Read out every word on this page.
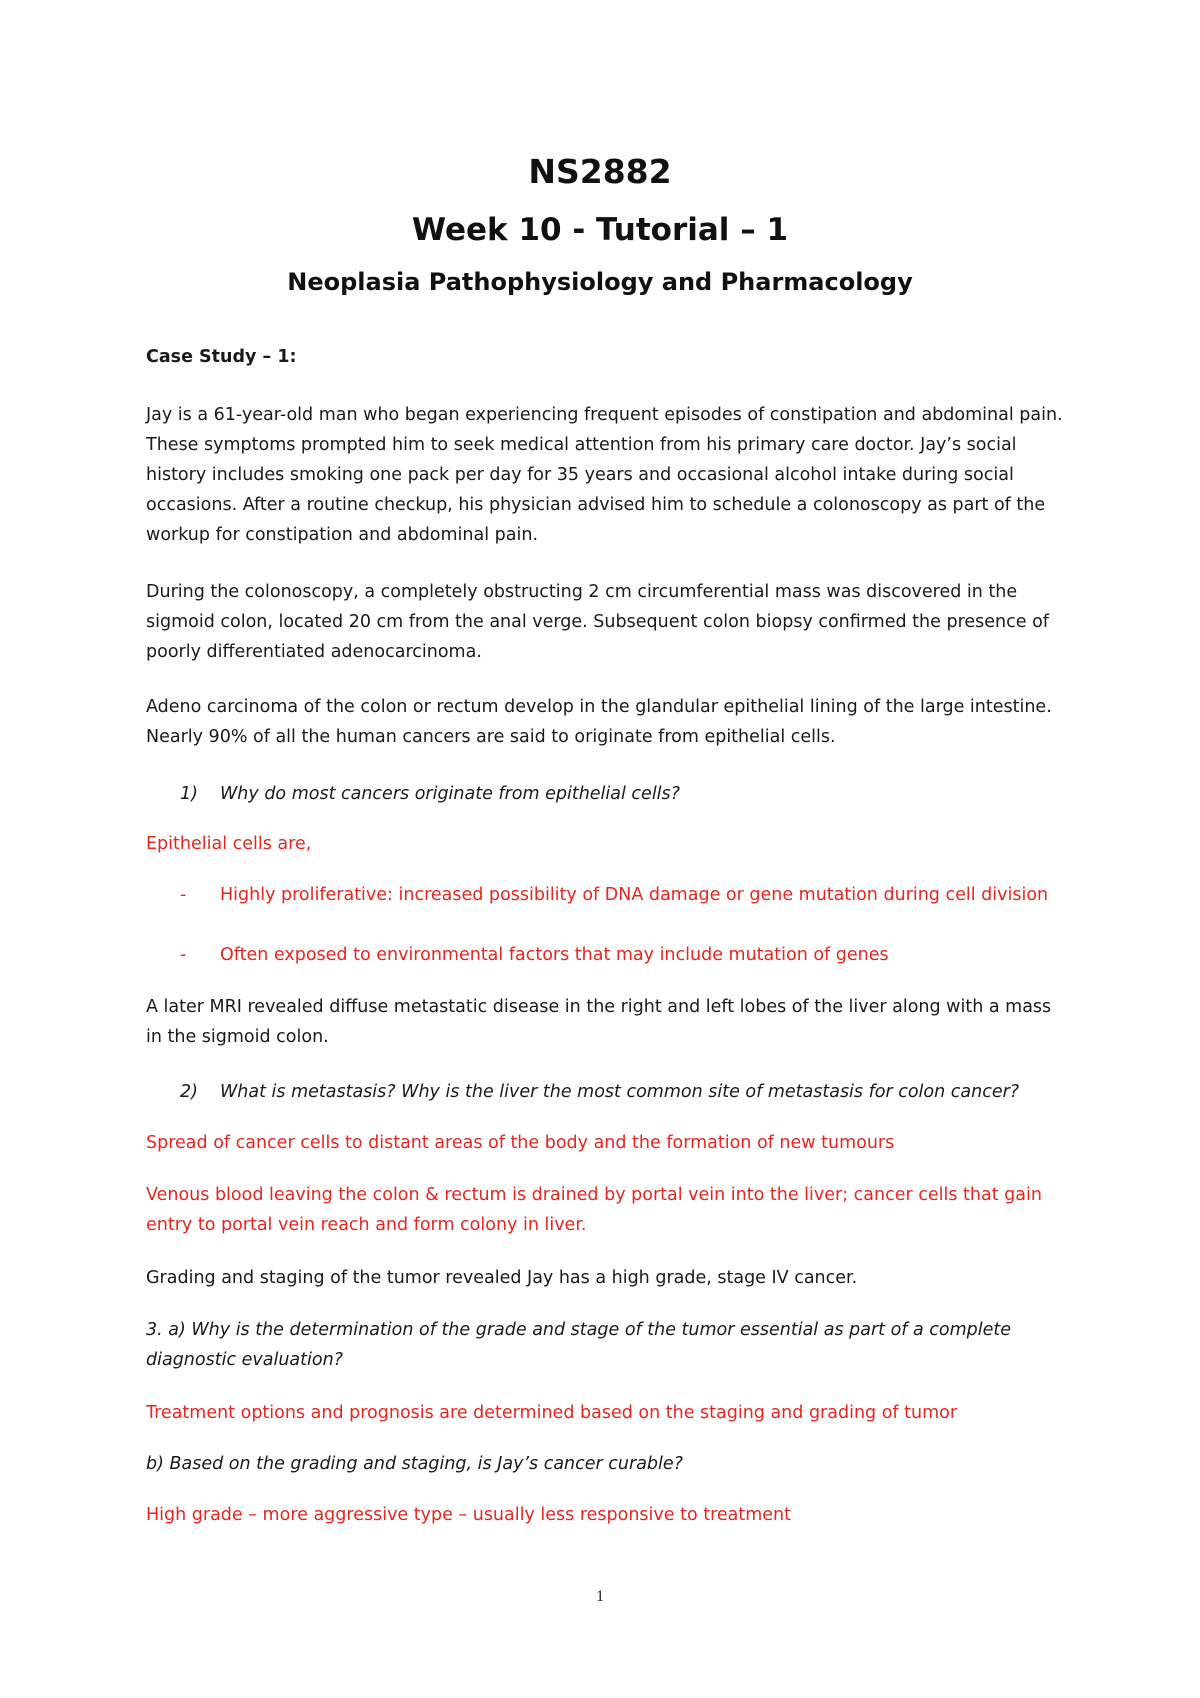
NS2882
Week 10 - Tutorial – 1
Neoplasia Pathophysiology and Pharmacology
Case Study – 1:
Jay is a 61-year-old man who began experiencing frequent episodes of constipation and abdominal pain. These symptoms prompted him to seek medical attention from his primary care doctor. Jay’s social history includes smoking one pack per day for 35 years and occasional alcohol intake during social occasions. After a routine checkup, his physician advised him to schedule a colonoscopy as part of the workup for constipation and abdominal pain.
During the colonoscopy, a completely obstructing 2 cm circumferential mass was discovered in the sigmoid colon, located 20 cm from the anal verge. Subsequent colon biopsy confirmed the presence of poorly differentiated adenocarcinoma.
Adeno carcinoma of the colon or rectum develop in the glandular epithelial lining of the large intestine. Nearly 90% of all the human cancers are said to originate from epithelial cells.
1) Why do most cancers originate from epithelial cells?
Epithelial cells are,
-	Highly proliferative: increased possibility of DNA damage or gene mutation during cell division
-	Often exposed to environmental factors that may include mutation of genes
A later MRI revealed diffuse metastatic disease in the right and left lobes of the liver along with a mass in the sigmoid colon.
2) What is metastasis? Why is the liver the most common site of metastasis for colon cancer?
Spread of cancer cells to distant areas of the body and the formation of new tumours
Venous blood leaving the colon & rectum is drained by portal vein into the liver; cancer cells that gain entry to portal vein reach and form colony in liver.
Grading and staging of the tumor revealed Jay has a high grade, stage IV cancer.
3. a) Why is the determination of the grade and stage of the tumor essential as part of a complete diagnostic evaluation?
Treatment options and prognosis are determined based on the staging and grading of tumor
b) Based on the grading and staging, is Jay’s cancer curable?
High grade – more aggressive type – usually less responsive to treatment
1
